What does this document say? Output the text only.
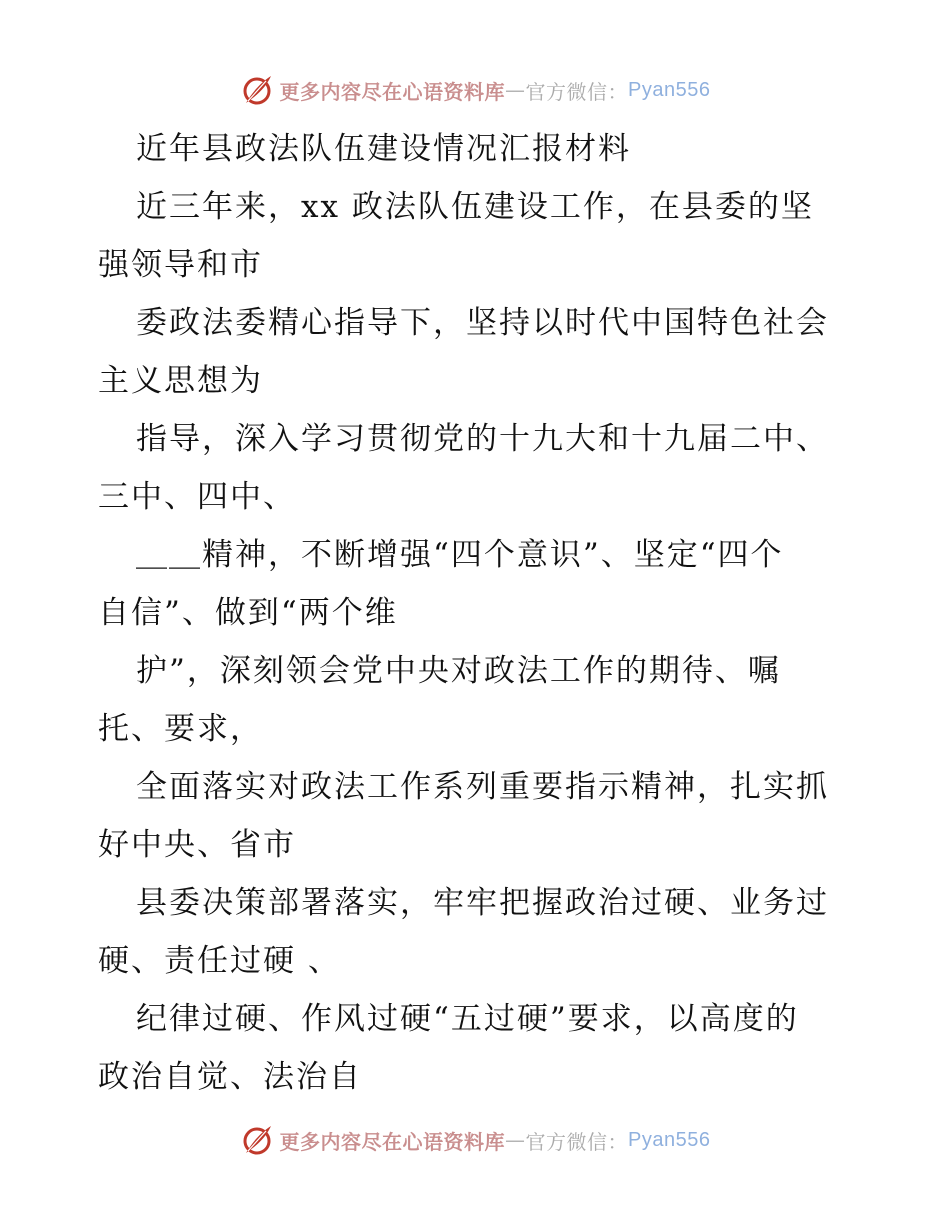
更多内容尽在心语资料库 — 官方微信： Pyan556
近年县政法队伍建设情况汇报材料

近三年来，xx 政法队伍建设工作，在县委的坚
强领导和市

委政法委精心指导下，坚持以时代中国特色社会
主义思想为

指导，深入学习贯彻党的十九大和十九届二中、
三中、四中、

＿＿精神，不断增强“四个意识”、坚定“四个
自信”、做到“两个维

护”，深刻领会党中央对政法工作的期待、嘱
托、要求，

全面落实对政法工作系列重要指示精神，扎实抓
好中央、省市

县委决策部署落实，牢牢把握政治过硬、业务过
硬、责任过硬 、

纪律过硬、作风过硬“五过硬”要求，以高度的
政治自觉、法治自

更多内容尽在心语资料库 — 官方微信： Pyan556
